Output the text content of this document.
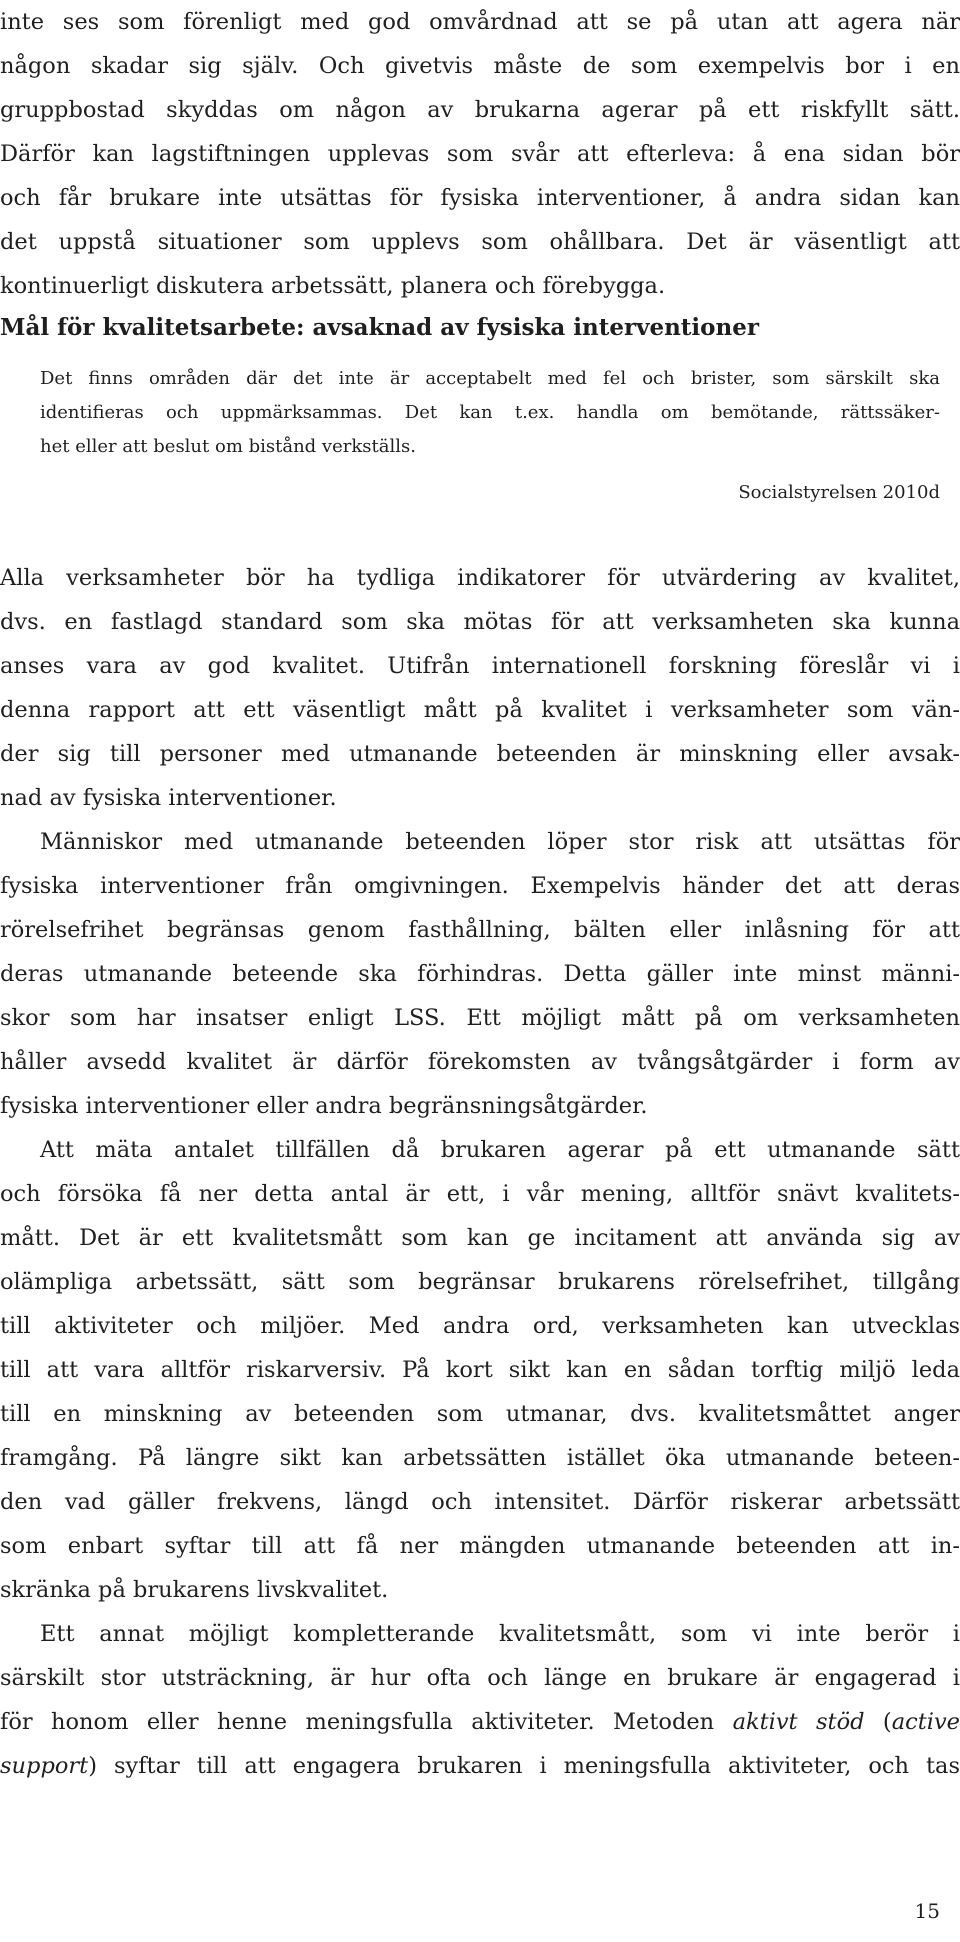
inte ses som förenligt med god omvårdnad att se på utan att agera när
någon skadar sig själv. Och givetvis måste de som exempelvis bor i en
gruppbostad skyddas om någon av brukarna agerar på ett riskfyllt sätt.
Därför kan lagstiftningen upplevas som svår att efterleva: å ena sidan bör
och får brukare inte utsättas för fysiska interventioner, å andra sidan kan
det uppstå situationer som upplevs som ohållbara. Det är väsentligt att
kontinuerligt diskutera arbetssätt, planera och förebygga.
Mål för kvalitetsarbete: avsaknad av fysiska interventioner
Det finns områden där det inte är acceptabelt med fel och brister, som särskilt ska
identifieras och uppmärksammas. Det kan t.ex. handla om bemötande, rättssäker-
het eller att beslut om bistånd verkställs.

Socialstyrelsen 2010d

Alla verksamheter bör ha tydliga indikatorer för utvärdering av kvalitet,
dvs. en fastlagd standard som ska mötas för att verksamheten ska kunna
anses vara av god kvalitet. Utifrån internationell forskning föreslår vi i
denna rapport att ett väsentligt mått på kvalitet i verksamheter som vän-
der sig till personer med utmanande beteenden är minskning eller avsak-
nad av fysiska interventioner.
Människor med utmanande beteenden löper stor risk att utsättas för
fysiska interventioner från omgivningen. Exempelvis händer det att deras
rörelsefrihet begränsas genom fasthållning, bälten eller inlåsning för att
deras utmanande beteende ska förhindras. Detta gäller inte minst männi-
skor som har insatser enligt LSS. Ett möjligt mått på om verksamheten
håller avsedd kvalitet är därför förekomsten av tvångsåtgärder i form av
fysiska interventioner eller andra begränsningsåtgärder.
Att mäta antalet tillfällen då brukaren agerar på ett utmanande sätt
och försöka få ner detta antal är ett, i vår mening, alltför snävt kvalitets-
mått. Det är ett kvalitetsmått som kan ge incitament att använda sig av
olämpliga arbetssätt, sätt som begränsar brukarens rörelsefrihet, tillgång
till aktiviteter och miljöer. Med andra ord, verksamheten kan utvecklas
till att vara alltför riskarversiv. På kort sikt kan en sådan torftig miljö leda
till en minskning av beteenden som utmanar, dvs. kvalitetsmåttet anger
framgång. På längre sikt kan arbetssätten istället öka utmanande beteen-
den vad gäller frekvens, längd och intensitet. Därför riskerar arbetssätt
som enbart syftar till att få ner mängden utmanande beteenden att in-
skränka på brukarens livskvalitet.
Ett annat möjligt kompletterande kvalitetsmått, som vi inte berör i
särskilt stor utsträckning, är hur ofta och länge en brukare är engagerad i
för honom eller henne meningsfulla aktiviteter. Metoden aktivt stöd (active
support) syftar till att engagera brukaren i meningsfulla aktiviteter, och tas

15
